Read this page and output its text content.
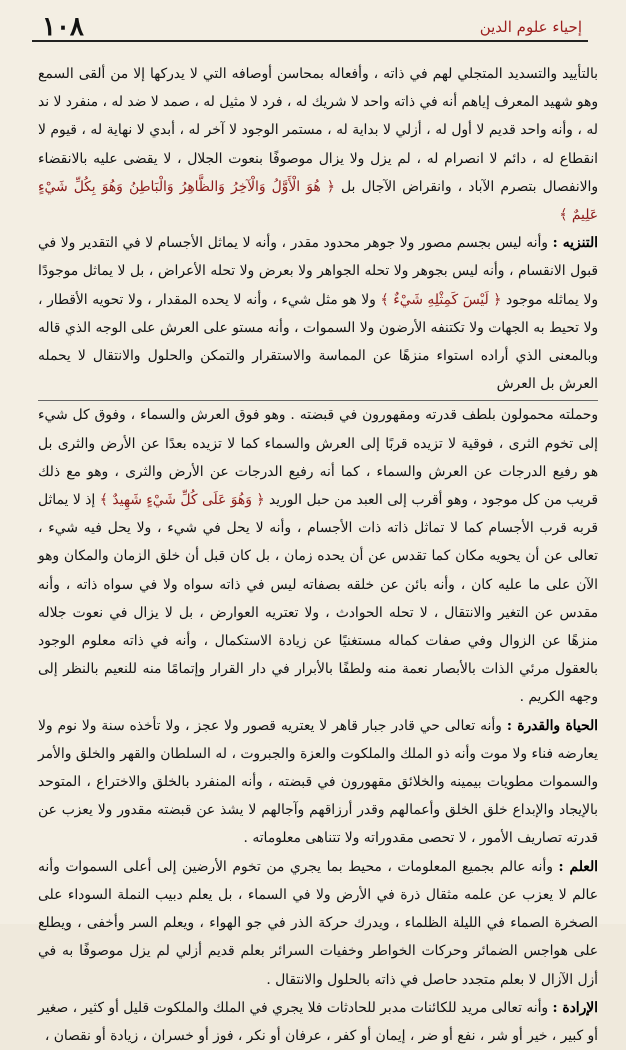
١٠٨	إحياء علوم الدين

بالتأييد والتسديد المتجلي لهم في ذاته ، وأفعاله بمحاسن أوصافه التي لا يدركها إلا من ألقى السمع وهو شهيد المعرف إياهم أنه في ذاته واحد لا شريك له ، فرد لا مثيل له ، صمد لا ضد له ، منفرد لا ند له ، وأنه واحد قديم لا أول له ، أزلي لا بداية له ، مستمر الوجود لا آخر له ، أبدي لا نهاية له ، قيوم لا انقطاع له ، دائم لا انصرام له ، لم يزل ولا يزال موصوفًا بنعوت الجلال ، لا يقضى عليه بالانقضاء والانفصال بتصرم الآباد ، وانقراض الآجال بل ﴿ هُوَ الْأَوَّلُ وَالْآخِرُ وَالظَّاهِرُ وَالْبَاطِنُ وَهُوَ بِكُلِّ شَيْءٍ عَلِيمٌ ﴾

التنزيه : وأنه ليس بجسم مصور ولا جوهر محدود مقدر ، وأنه لا يماثل الأجسام لا في التقدير ولا في قبول الانقسام ، وأنه ليس بجوهر ولا تحله الجواهر ولا بعرض ولا تحله الأعراض ، بل لا يماثل موجودًا ولا يماثله موجود ﴿ لَيْسَ كَمِثْلِهِ شَيْءٌ ﴾ ولا هو مثل شيء ، وأنه لا يحده المقدار ، ولا تحويه الأقطار ، ولا تحيط به الجهات ولا تكتنفه الأرضون ولا السموات ، وأنه مستو على العرش على الوجه الذي قاله وبالمعنى الذي أراده استواء منزهًا عن المماسة والاستقرار والتمكن والحلول والانتقال لا يحمله العرش بل العرش

وحملته محمولون بلطف قدرته ومقهورون في قبضته . وهو فوق العرش والسماء ، وفوق كل شيء إلى تخوم الثرى ، فوقية لا تزيده قربًا إلى العرش والسماء كما لا تزيده بعدًا عن الأرض والثرى بل هو رفيع الدرجات عن العرش والسماء ، كما أنه رفيع الدرجات عن الأرض والثرى ، وهو مع ذلك قريب من كل موجود ، وهو أقرب إلى العبد من حبل الوريد ﴿ وَهُوَ عَلَى كُلِّ شَيْءٍ شَهِيدٌ ﴾ إذ لا يماثل قربه قرب الأجسام كما لا تماثل ذاته ذات الأجسام ، وأنه لا يحل في شيء ، ولا يحل فيه شيء ، تعالى عن أن يحويه مكان كما تقدس عن أن يحده زمان ، بل كان قبل أن خلق الزمان والمكان وهو الآن على ما عليه كان ، وأنه بائن عن خلقه بصفاته ليس في ذاته سواه ولا في سواه ذاته ، وأنه مقدس عن التغير والانتقال ، لا تحله الحوادث ، ولا تعتريه العوارض ، بل لا يزال في نعوت جلاله منزهًا عن الزوال وفي صفات كماله مستغنيًا عن زيادة الاستكمال ، وأنه في ذاته معلوم الوجود بالعقول مرئي الذات بالأبصار نعمة منه ولطفًا بالأبرار في دار القرار وإتمامًا منه للنعيم بالنظر إلى وجهه الكريم .

الحياة والقدرة : وأنه تعالى حي قادر جبار قاهر لا يعتريه قصور ولا عجز ، ولا تأخذه سنة ولا نوم ولا يعارضه فناء ولا موت وأنه ذو الملك والملكوت والعزة والجبروت ، له السلطان والقهر والخلق والأمر والسموات مطويات بيمينه والخلائق مقهورون في قبضته ، وأنه المنفرد بالخلق والاختراع ، المتوحد بالإيجاد والإبداع خلق الخلق وأعمالهم وقدر أرزاقهم وآجالهم لا يشذ عن قبضته مقدور ولا يعزب عن قدرته تصاريف الأمور ، لا تحصى مقدوراته ولا تتناهى معلوماته .

العلم : وأنه عالم بجميع المعلومات ، محيط بما يجري من تخوم الأرضين إلى أعلى السموات وأنه عالم لا يعزب عن علمه مثقال ذرة في الأرض ولا في السماء ، بل يعلم دبيب النملة السوداء على الصخرة الصماء في الليلة الظلماء ، ويدرك حركة الذر في جو الهواء ، ويعلم السر وأخفى ، ويطلع على هواجس الضمائر وحركات الخواطر وخفيات السرائر بعلم قديم أزلي لم يزل موصوفًا به في أزل الآزال لا بعلم متجدد حاصل في ذاته بالحلول والانتقال .

الإرادة : وأنه تعالى مريد للكائنات مدبر للحادثات فلا يجري في الملك والملكوت قليل أو كثير ، صغير أو كبير ، خير أو شر ، نفع أو ضر ، إيمان أو كفر ، عرفان أو نكر ، فوز أو خسران ، زيادة أو نقصان ،
